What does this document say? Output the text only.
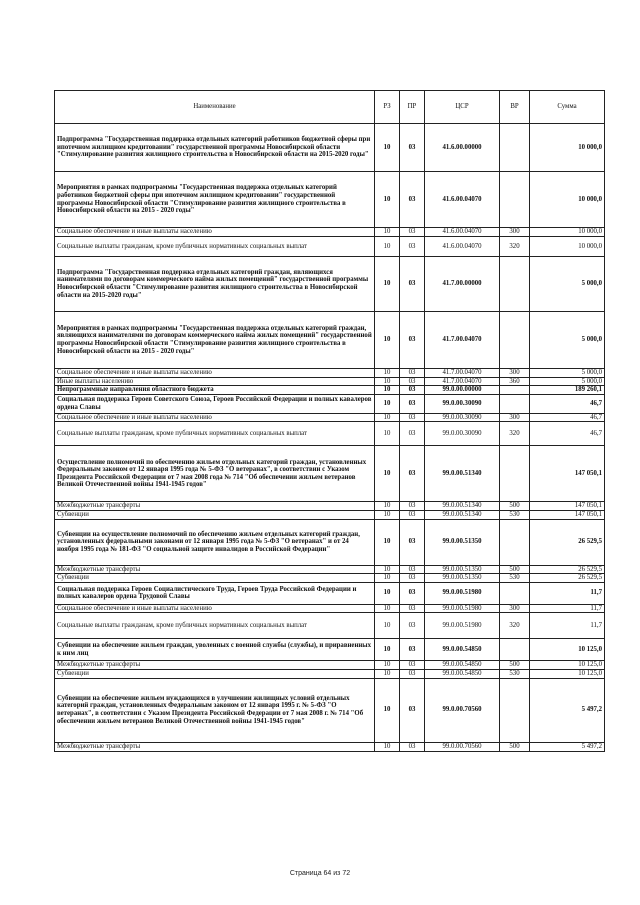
Наименование	РЗ	ПР	ЦСР	ВР	Сумма
Подпрограмма "Государственная поддержка отдельных категорий работников бюджетной сферы при ипотечном жилищном кредитовании" государственной программы Новосибирской области "Стимулирование развития жилищного строительства в Новосибирской области на 2015-2020 годы"	10	03	41.6.00.00000		10 000,0
Мероприятия в рамках подпрограммы "Государственная поддержка отдельных категорий работников бюджетной сферы при ипотечном жилищном кредитовании" государственной программы Новосибирской области "Стимулирование развития жилищного строительства в Новосибирской области на 2015 - 2020 годы"	10	03	41.6.00.04070		10 000,0
Социальное обеспечение и иные выплаты населению	10	03	41.6.00.04070	300	10 000,0
Социальные выплаты гражданам, кроме публичных нормативных социальных выплат	10	03	41.6.00.04070	320	10 000,0
Подпрограмма "Государственная поддержка отдельных категорий граждан, являющихся нанимателями по договорам коммерческого найма жилых помещений" государственной программы Новосибирской области "Стимулирование развития жилищного строительства в Новосибирской области на 2015-2020 годы"	10	03	41.7.00.00000		5 000,0
Мероприятия в рамках подпрограммы "Государственная поддержка отдельных категорий граждан, являющихся нанимателями по договорам коммерческого найма жилых помещений" государственной программы Новосибирской области "Стимулирование развития жилищного строительства в Новосибирской области на 2015 - 2020 годы"	10	03	41.7.00.04070		5 000,0
Социальное обеспечение и иные выплаты населению	10	03	41.7.00.04070	300	5 000,0
Иные выплаты населению	10	03	41.7.00.04070	360	5 000,0
Непрограммные направления областного бюджета	10	03	99.0.00.00000		189 260,1
Социальная поддержка Героев Советского Союза, Героев Российской Федерации и полных кавалеров ордена Славы	10	03	99.0.00.30090		46,7
Социальное обеспечение и иные выплаты населению	10	03	99.0.00.30090	300	46,7
Социальные выплаты гражданам, кроме публичных нормативных социальных выплат	10	03	99.0.00.30090	320	46,7
Осуществление полномочий по обеспечению жильем отдельных категорий граждан, установленных Федеральным законом от 12 января 1995 года № 5-ФЗ "О ветеранах", в соответствии с Указом Президента Российской Федерации от 7 мая 2008 года № 714 "Об обеспечении жильем ветеранов Великой Отечественной войны 1941-1945 годов"	10	03	99.0.00.51340		147 050,1
Межбюджетные трансферты	10	03	99.0.00.51340	500	147 050,1
Субвенции	10	03	99.0.00.51340	530	147 050,1
Субвенции на осуществление полномочий по обеспечению жильем отдельных категорий граждан, установленных федеральными законами от 12 января 1995 года № 5-ФЗ "О ветеранах" и от 24 ноября 1995 года № 181-ФЗ "О социальной защите инвалидов в Российской Федерации"	10	03	99.0.00.51350		26 529,5
Межбюджетные трансферты	10	03	99.0.00.51350	500	26 529,5
Субвенции	10	03	99.0.00.51350	530	26 529,5
Социальная поддержка Героев Социалистического Труда, Героев Труда Российской Федерации и полных кавалеров ордена Трудовой Славы	10	03	99.0.00.51980		11,7
Социальное обеспечение и иные выплаты населению	10	03	99.0.00.51980	300	11,7
Социальные выплаты гражданам, кроме публичных нормативных социальных выплат	10	03	99.0.00.51980	320	11,7
Субвенции на обеспечение жильем граждан, уволенных с военной службы (службы), и приравненных к ним лиц	10	03	99.0.00.54850		10 125,0
Межбюджетные трансферты	10	03	99.0.00.54850	500	10 125,0
Субвенции	10	03	99.0.00.54850	530	10 125,0
Субвенции на обеспечение жильем нуждающихся в улучшении жилищных условий отдельных категорий граждан, установленных Федеральным законом от 12 января 1995 г. № 5-ФЗ "О ветеранах", в соответствии с Указом Президента Российской Федерации от 7 мая 2008 г. № 714 "Об обеспечении жильем ветеранов Великой Отечественной войны 1941-1945 годов"	10	03	99.0.00.70560		5 497,2
Межбюджетные трансферты	10	03	99.0.00.70560	500	5 497,2
Страница 64 из 72
